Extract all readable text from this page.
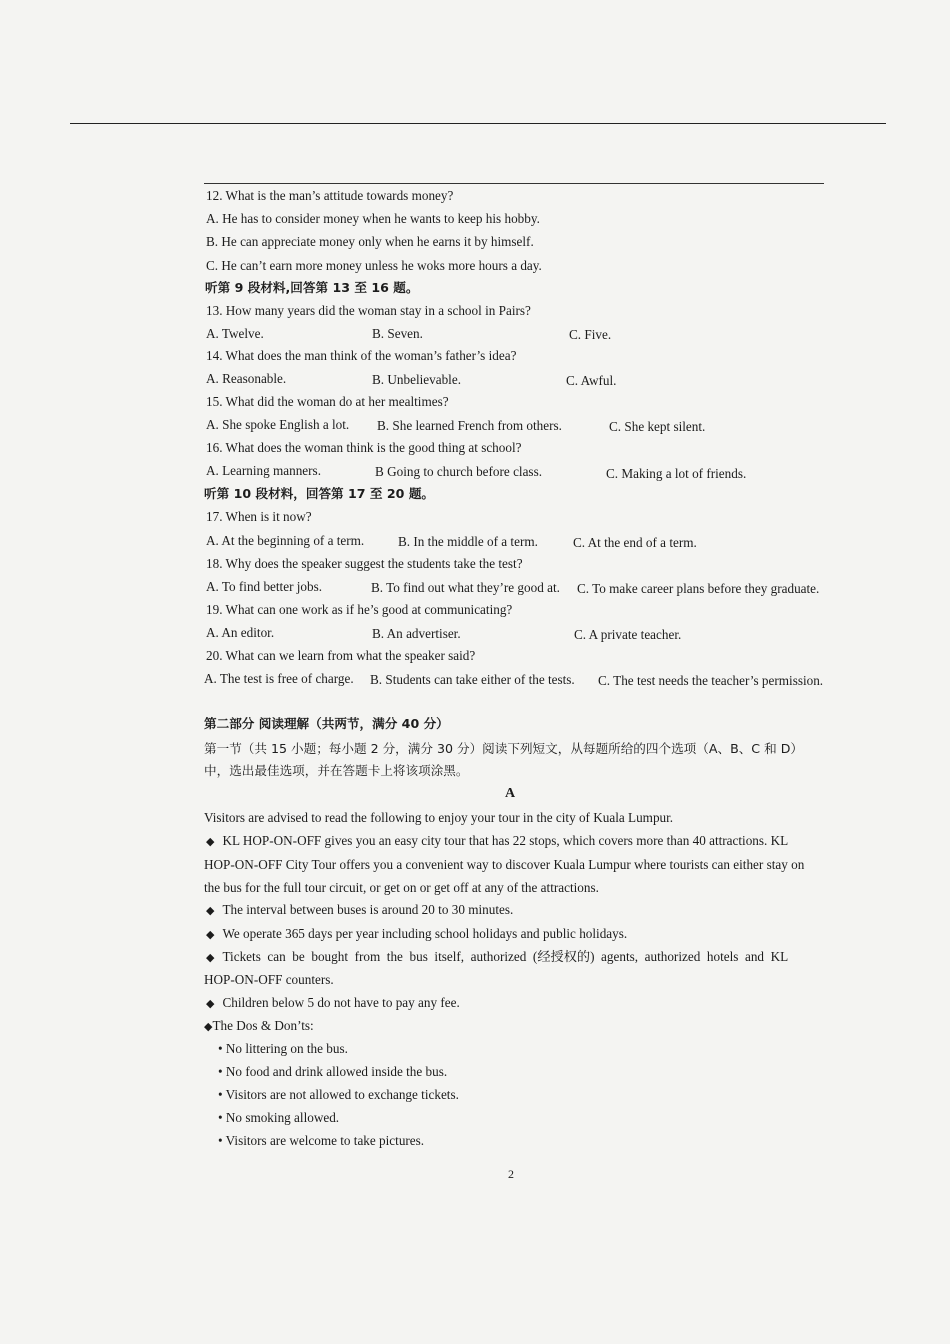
12. What is the man’s attitude towards money?
A. He has to consider money when he wants to keep his hobby.
B. He can appreciate money only when he earns it by himself.
C. He can’t earn more money unless he woks more hours a day.
听第 9 段材料,回答第 13 至 16 题。
13. How many years did the woman stay in a school in Pairs?
A. Twelve.	B. Seven.	C. Five.
14. What does the man think of the woman’s father’s idea?
A. Reasonable.	B. Unbelievable.	C. Awful.
15. What did the woman do at her mealtimes?
A. She spoke English a lot. B. She learned French from others.	C. She kept silent.
16. What does the woman think is the good thing at school?
A. Learning manners.	B Going to church before class.	C. Making a lot of friends.
听第 10 段材料，回答第 17 至 20 题。
17. When is it now?
A. At the beginning of a term.	B. In the middle of a term.	C. At the end of a term.
18. Why does the speaker suggest the students take the test?
A. To find better jobs.	B. To find out what they’re good at. C. To make career plans before they graduate.
19. What can one work as if he’s good at communicating?
A. An editor.	B. An advertiser.	C. A private teacher.
20. What can we learn from what the speaker said?
A. The test is free of charge. B. Students can take either of the tests. C. The test needs the teacher’s permission.
第二部分 阅读理解（共两节，满分 40 分）
第一节（共 15 小题；每小题 2 分，满分 30 分）阅读下列短文，从每题所给的四个选项（A、B、C 和 D）
中，选出最佳选项，并在答题卡上将该项涂黑。
A
Visitors are advised to read the following to enjoy your tour in the city of Kuala Lumpur.
◆ KL HOP-ON-OFF gives you an easy city tour that has 22 stops, which covers more than 40 attractions. KL
HOP-ON-OFF City Tour offers you a convenient way to discover Kuala Lumpur where tourists can either stay on
the bus for the full tour circuit, or get on or get off at any of the attractions.
◆ The interval between buses is around 20 to 30 minutes.
◆ We operate 365 days per year including school holidays and public holidays.
◆ Tickets  can  be  bought  from  the  bus  itself,  authorized  (经授权的)  agents,  authorized  hotels  and  KL
HOP-ON-OFF counters.
◆ Children below 5 do not have to pay any fee.
◆The Dos & Don’ts:
• No littering on the bus.
• No food and drink allowed inside the bus.
• Visitors are not allowed to exchange tickets.
• No smoking allowed.
• Visitors are welcome to take pictures.
2
